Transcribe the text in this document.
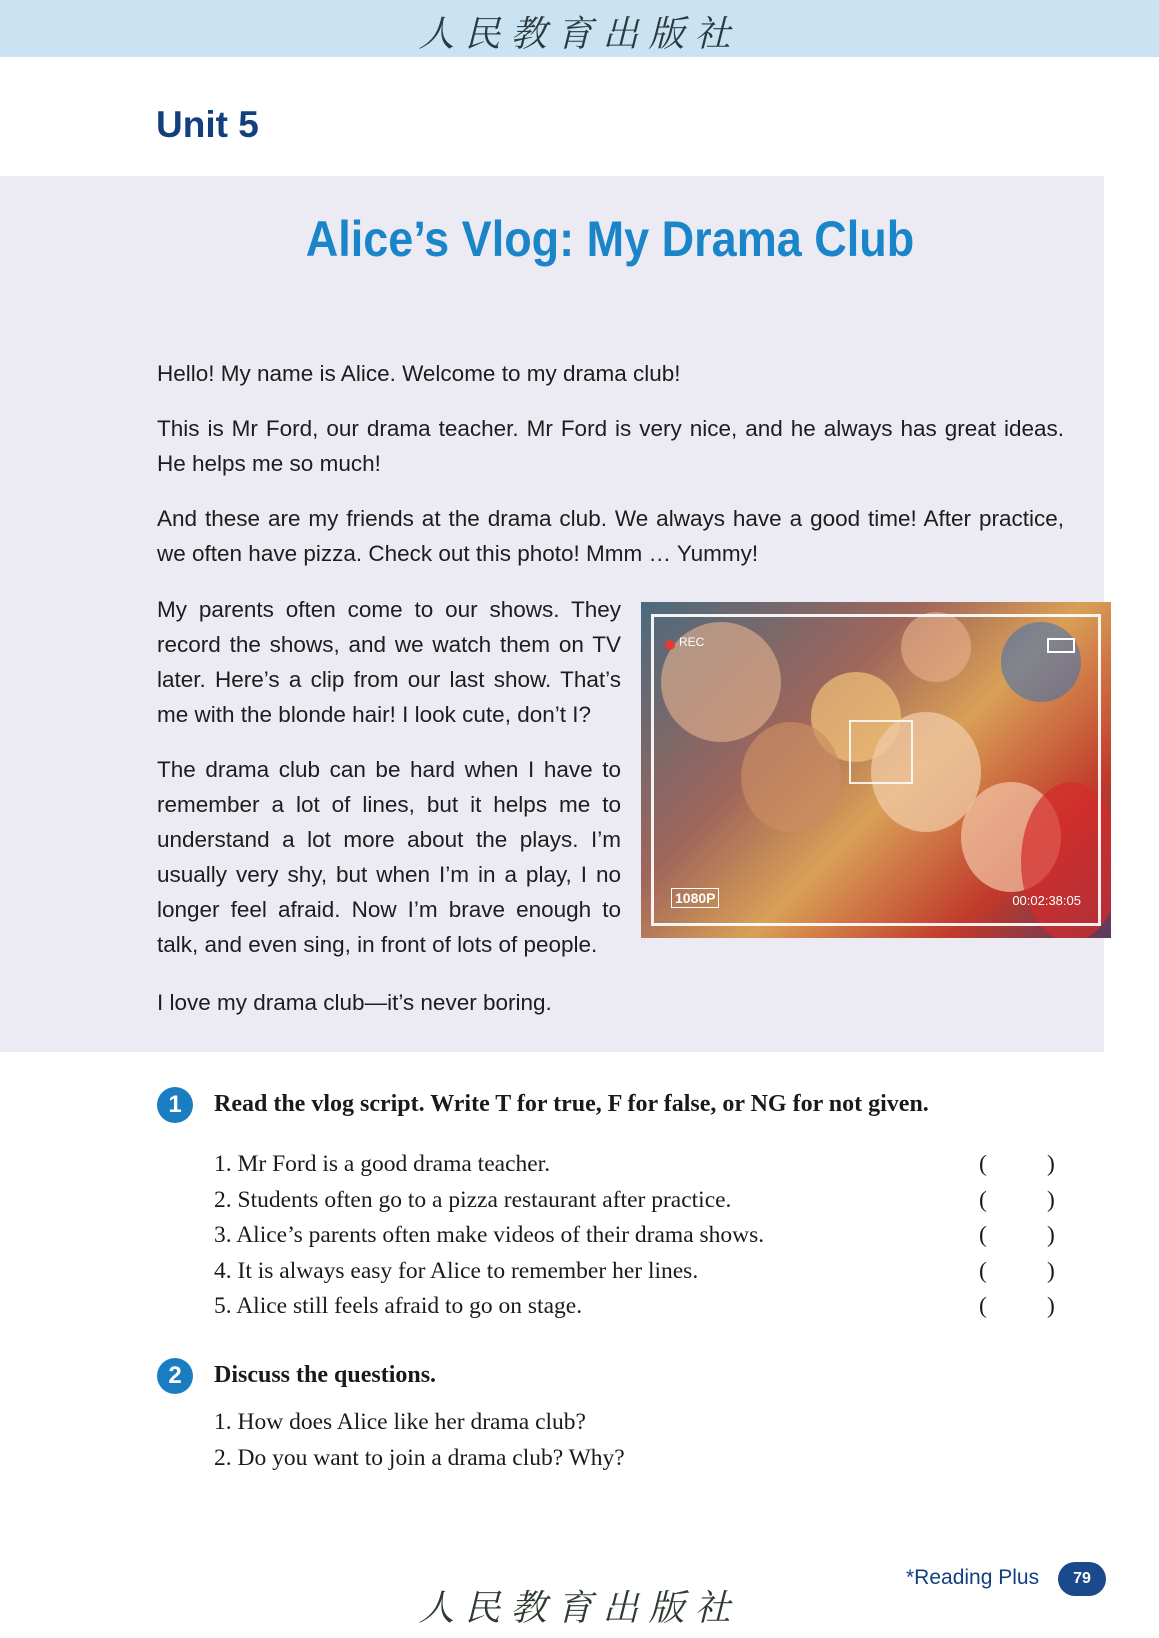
人民教育出版社
Unit 5
Alice’s Vlog: My Drama Club

Hello! My name is Alice. Welcome to my drama club!

This is Mr Ford, our drama teacher. Mr Ford is very nice, and he always has great ideas. He helps me so much!

And these are my friends at the drama club. We always have a good time! After practice, we often have pizza. Check out this photo! Mmm … Yummy!

My parents often come to our shows. They record the shows, and we watch them on TV later. Here’s a clip from our last show. That’s me with the blonde hair! I look cute, don’t I?

The drama club can be hard when I have to remember a lot of lines, but it helps me to understand a lot more about the plays. I’m usually very shy, but when I’m in a play, I no longer feel afraid. Now I’m brave enough to talk, and even sing, in front of lots of people.

I love my drama club—it’s never boring.

REC
1080P	00:02:38:05
1	Read the vlog script. Write T for true, F for false, or NG for not given.
1. Mr Ford is a good drama teacher.	(	)
2. Students often go to a pizza restaurant after practice.	(	)
3. Alice’s parents often make videos of their drama shows.	(	)
4. It is always easy for Alice to remember her lines.	(	)
5. Alice still feels afraid to go on stage.	(	)
2	Discuss the questions.
1. How does Alice like her drama club?
2. Do you want to join a drama club? Why?
*Reading Plus	79
人民教育出版社
